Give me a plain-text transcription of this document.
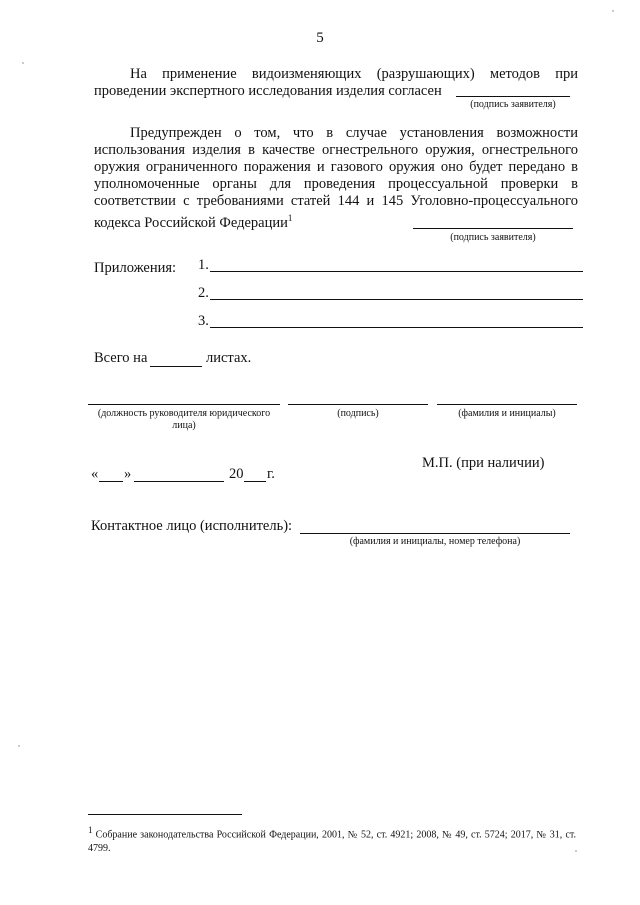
5
На применение видоизменяющих (разрушающих) методов при проведении экспертного исследования изделия согласен
(подпись заявителя)
Предупрежден о том, что в случае установления возможности использования изделия в качестве огнестрельного оружия, огнестрельного оружия ограниченного поражения и газового оружия оно будет передано в уполномоченные органы для проведения процессуальной проверки в соответствии с требованиями статей 144 и 145 Уголовно-процессуального кодекса Российской Федерации$^1$
(подпись заявителя)
Приложения: 1.
2.
3.
Всего на	листах.
(должность руководителя юридического лица)
(подпись)	(фамилия и инициалы)
М.П. (при наличии)
« »	20 г.
Контактное лицо (исполнитель):
(фамилия и инициалы, номер телефона)
$^1$ Собрание законодательства Российской Федерации, 2001, № 52, ст. 4921; 2008, № 49, ст. 5724; 2017, № 31, ст. 4799.
